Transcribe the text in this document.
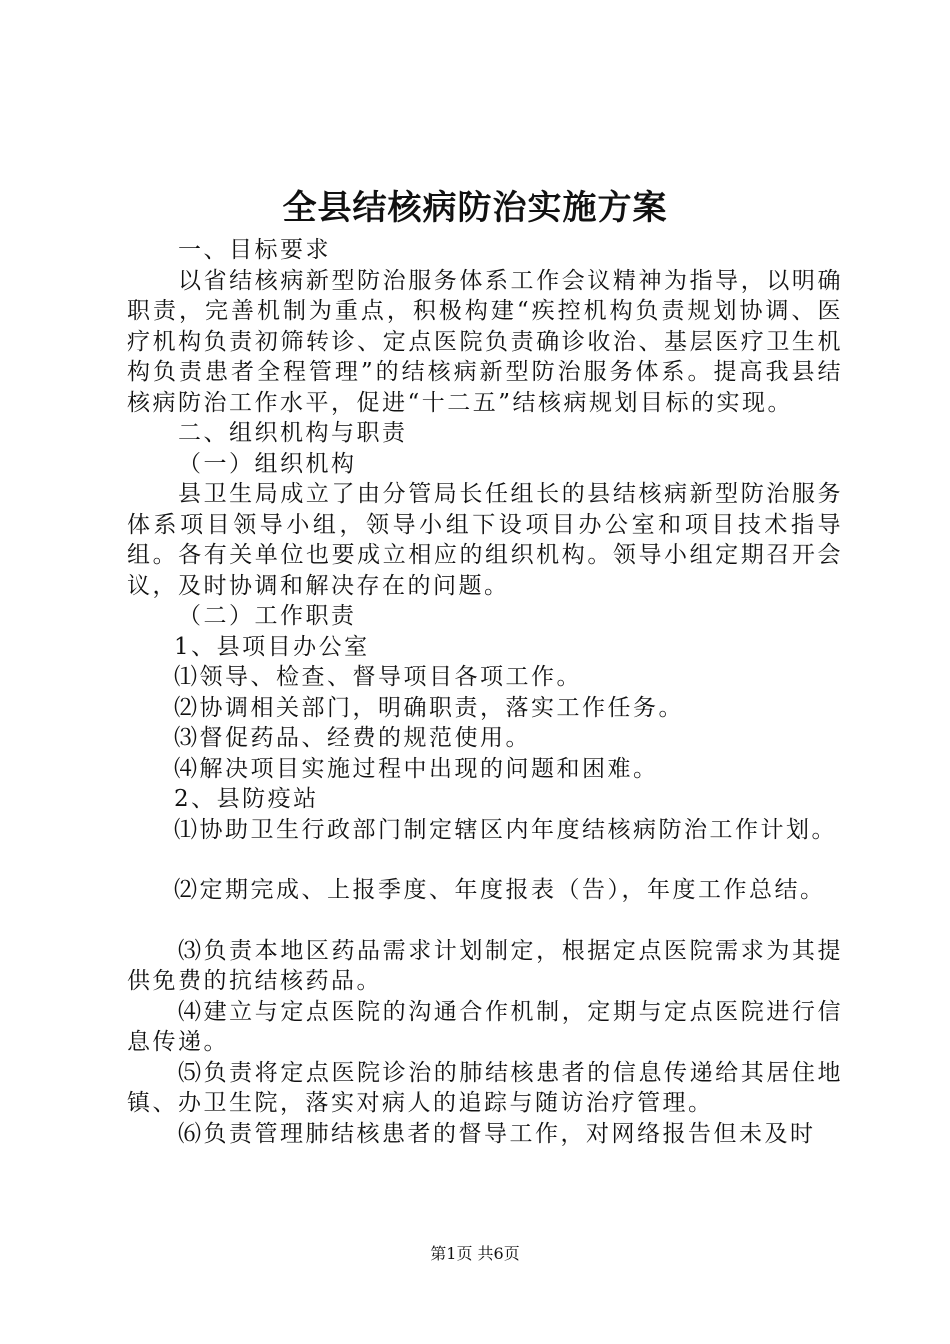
全县结核病防治实施方案

一、目标要求

以省结核病新型防治服务体系工作会议精神为指导，以明确职责，完善机制为重点，积极构建“疾控机构负责规划协调、医疗机构负责初筛转诊、定点医院负责确诊收治、基层医疗卫生机构负责患者全程管理”的结核病新型防治服务体系。提高我县结核病防治工作水平，促进“十二五”结核病规划目标的实现。

二、组织机构与职责

（一）组织机构

县卫生局成立了由分管局长任组长的县结核病新型防治服务体系项目领导小组，领导小组下设项目办公室和项目技术指导组。各有关单位也要成立相应的组织机构。领导小组定期召开会议，及时协调和解决存在的问题。

（二）工作职责

1、县项目办公室

⑴领导、检查、督导项目各项工作。

⑵协调相关部门，明确职责，落实工作任务。

⑶督促药品、经费的规范使用。

⑷解决项目实施过程中出现的问题和困难。

2、县防疫站

⑴协助卫生行政部门制定辖区内年度结核病防治工作计划。

⑵定期完成、上报季度、年度报表（告），年度工作总结。

⑶负责本地区药品需求计划制定，根据定点医院需求为其提供免费的抗结核药品。

⑷建立与定点医院的沟通合作机制，定期与定点医院进行信息传递。

⑸负责将定点医院诊治的肺结核患者的信息传递给其居住地镇、办卫生院，落实对病人的追踪与随访治疗管理。

⑹负责管理肺结核患者的督导工作，对网络报告但未及时

第1页 共6页
